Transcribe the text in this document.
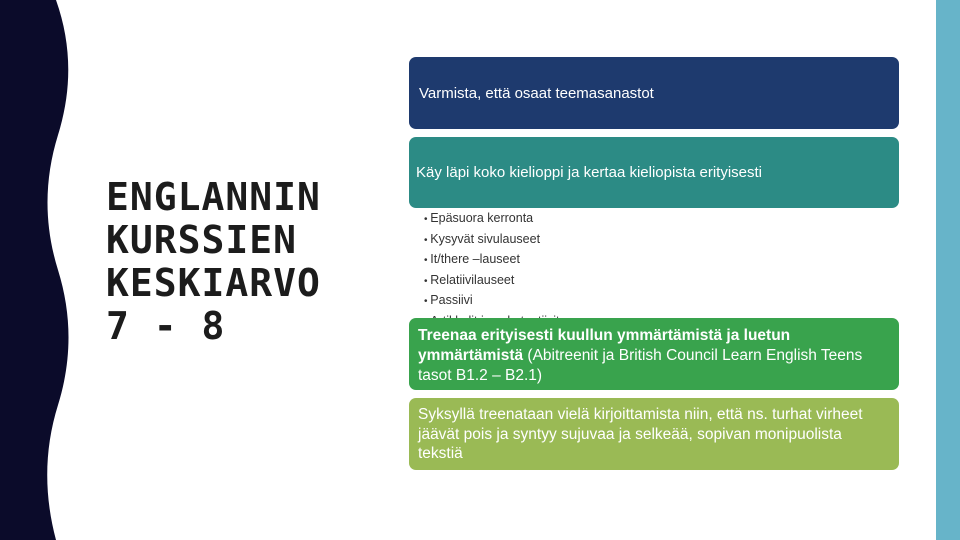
ENGLANNIN
KURSSIEN
KESKIARVO
7 - 8
Varmista, että osaat teemasanastot
Käy läpi koko kielioppi ja kertaa kieliopista erityisesti
• Epäsuora kerronta
• Kysyvät sivulauseet
• It/there –lauseet
• Relatiivilauseet
• Passiivi
•
Treenaa erityisesti kuullun ymmärtämistä ja luetun ymmärtämistä (Abitreenit ja British Council Learn English Teens tasot B1.2 – B2.1)
Syksyllä treenataan vielä kirjoittamista niin, että ns. turhat virheet jäävät pois ja syntyy sujuvaa ja selkeää, sopivan monipuolista tekstiä
